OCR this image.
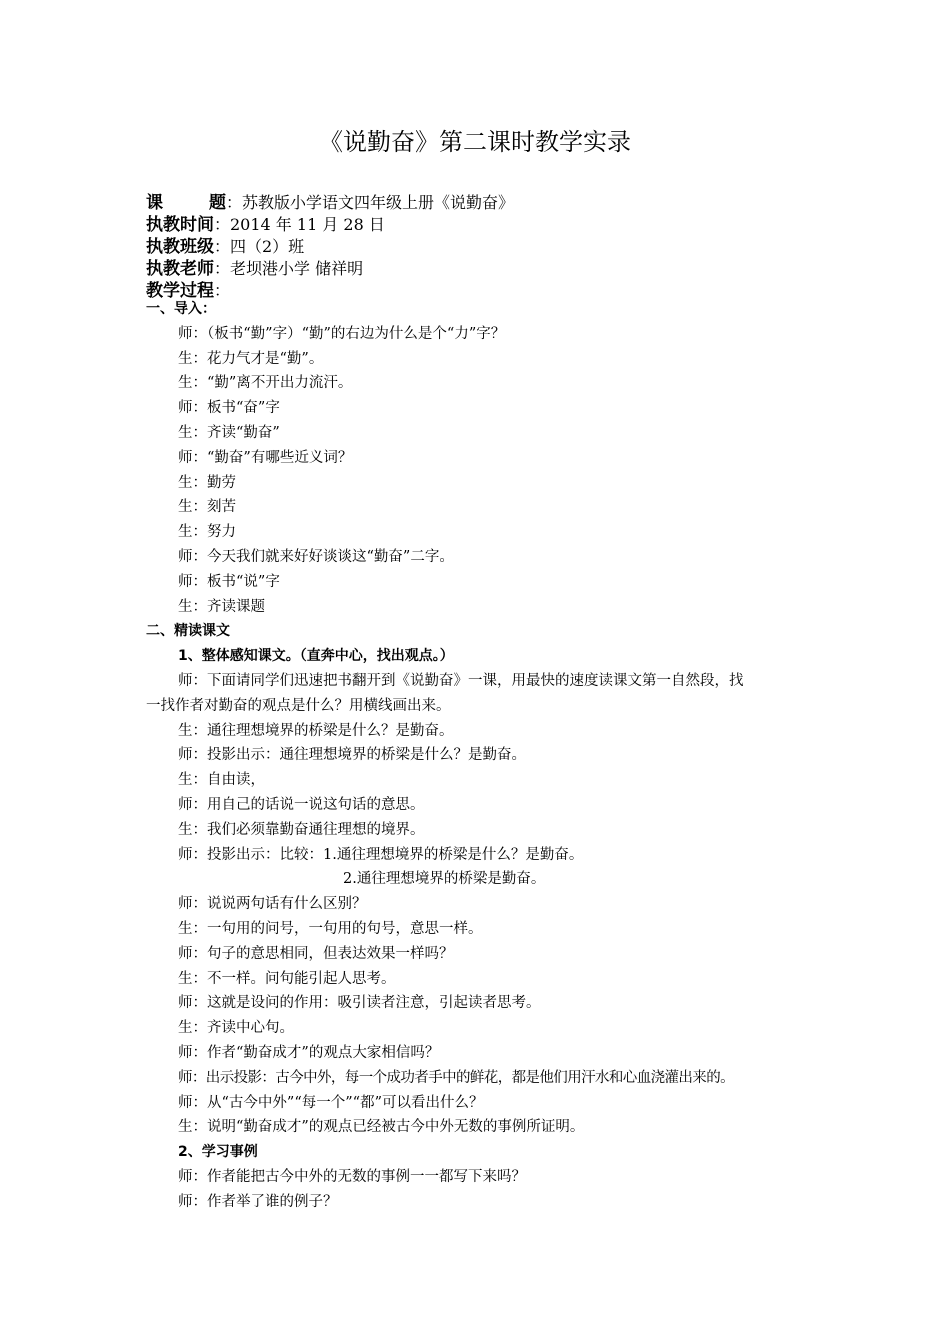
《说勤奋》第二课时教学实录
课　　题：苏教版小学语文四年级上册《说勤奋》
执教时间：2014 年 11 月 28 日
执教班级：四（2）班
执教老师：老坝港小学 储祥明
教学过程：
一、导入：
师：（板书“勤”字）“勤”的右边为什么是个“力”字？
生：花力气才是“勤”。
生：“勤”离不开出力流汗。
师：板书“奋”字
生：齐读“勤奋”
师：“勤奋”有哪些近义词？
生：勤劳
生：刻苦
生：努力
师：今天我们就来好好谈谈这“勤奋”二字。
师：板书“说”字
生：齐读课题
二、精读课文
1、整体感知课文。（直奔中心，找出观点。）
师：下面请同学们迅速把书翻开到《说勤奋》一课，用最快的速度读课文第一自然段，找
一找作者对勤奋的观点是什么？用横线画出来。
生：通往理想境界的桥梁是什么？是勤奋。
师：投影出示：通往理想境界的桥梁是什么？是勤奋。
生：自由读，
师：用自己的话说一说这句话的意思。
生：我们必须靠勤奋通往理想的境界。
师：投影出示：比较：1.通往理想境界的桥梁是什么？是勤奋。
2.通往理想境界的桥梁是勤奋。
师：说说两句话有什么区别？
生：一句用的问号，一句用的句号，意思一样。
师：句子的意思相同，但表达效果一样吗？
生：不一样。问句能引起人思考。
师：这就是设问的作用：吸引读者注意，引起读者思考。
生：齐读中心句。
师：作者“勤奋成才”的观点大家相信吗？
师：出示投影：古今中外，每一个成功者手中的鲜花，都是他们用汗水和心血浇灌出来的。
师：从“古今中外”“每一个”“都”可以看出什么？
生：说明“勤奋成才”的观点已经被古今中外无数的事例所证明。
2、学习事例
师：作者能把古今中外的无数的事例一一都写下来吗？
师：作者举了谁的例子？
